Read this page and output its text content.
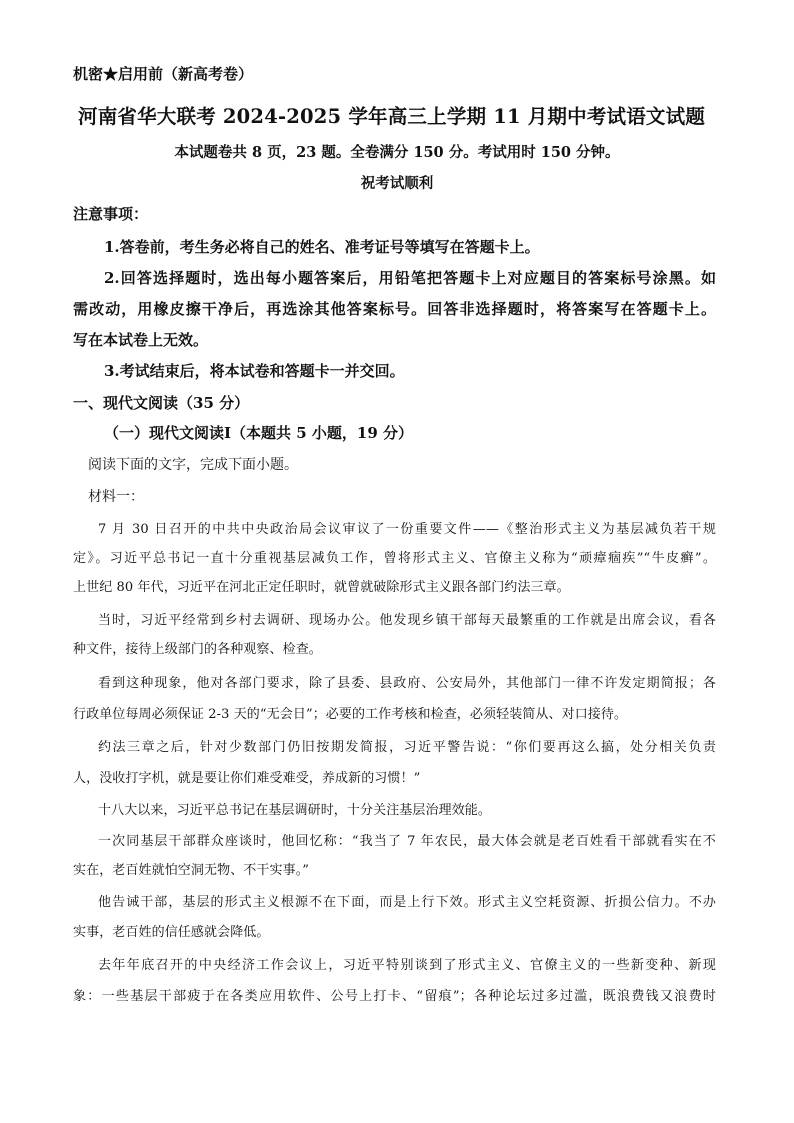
机密★启用前（新高考卷）
河南省华大联考 2024-2025 学年高三上学期 11 月期中考试语文试题
本试题卷共 8 页，23 题。全卷满分 150 分。考试用时 150 分钟。
祝考试顺利
注意事项：
1.答卷前，考生务必将自己的姓名、准考证号等填写在答题卡上。
2.回答选择题时，选出每小题答案后，用铅笔把答题卡上对应题目的答案标号涂黑。如
需改动，用橡皮擦干净后，再选涂其他答案标号。回答非选择题时，将答案写在答题卡上。
写在本试卷上无效。
3.考试结束后，将本试卷和答题卡一并交回。
一、现代文阅读（35 分）
（一）现代文阅读Ⅰ（本题共 5 小题，19 分）
阅读下面的文字，完成下面小题。
材料一：
7 月 30 日召开的中共中央政治局会议审议了一份重要文件——《整治形式主义为基层减负若干规
定》。习近平总书记一直十分重视基层减负工作，曾将形式主义、官僚主义称为“顽瘴痼疾”“牛皮癣”。
上世纪 80 年代，习近平在河北正定任职时，就曾就破除形式主义跟各部门约法三章。
当时，习近平经常到乡村去调研、现场办公。他发现乡镇干部每天最繁重的工作就是出席会议，看各
种文件，接待上级部门的各种观察、检查。
看到这种现象，他对各部门要求，除了县委、县政府、公安局外，其他部门一律不许发定期简报；各
行政单位每周必须保证 2-3 天的“无会日”；必要的工作考核和检查，必须轻装简从、对口接待。
约法三章之后，针对少数部门仍旧按期发简报，习近平警告说：“你们要再这么搞，处分相关负责
人，没收打字机，就是要让你们难受难受，养成新的习惯！”
十八大以来，习近平总书记在基层调研时，十分关注基层治理效能。
一次同基层干部群众座谈时，他回忆称：“我当了 7 年农民，最大体会就是老百姓看干部就看实在不
实在，老百姓就怕空洞无物、不干实事。”
他告诫干部，基层的形式主义根源不在下面，而是上行下效。形式主义空耗资源、折损公信力。不办
实事，老百姓的信任感就会降低。
去年年底召开的中央经济工作会议上，习近平特别谈到了形式主义、官僚主义的一些新变种、新现
象：一些基层干部疲于在各类应用软件、公号上打卡、“留痕”；各种论坛过多过滥，既浪费钱又浪费时
